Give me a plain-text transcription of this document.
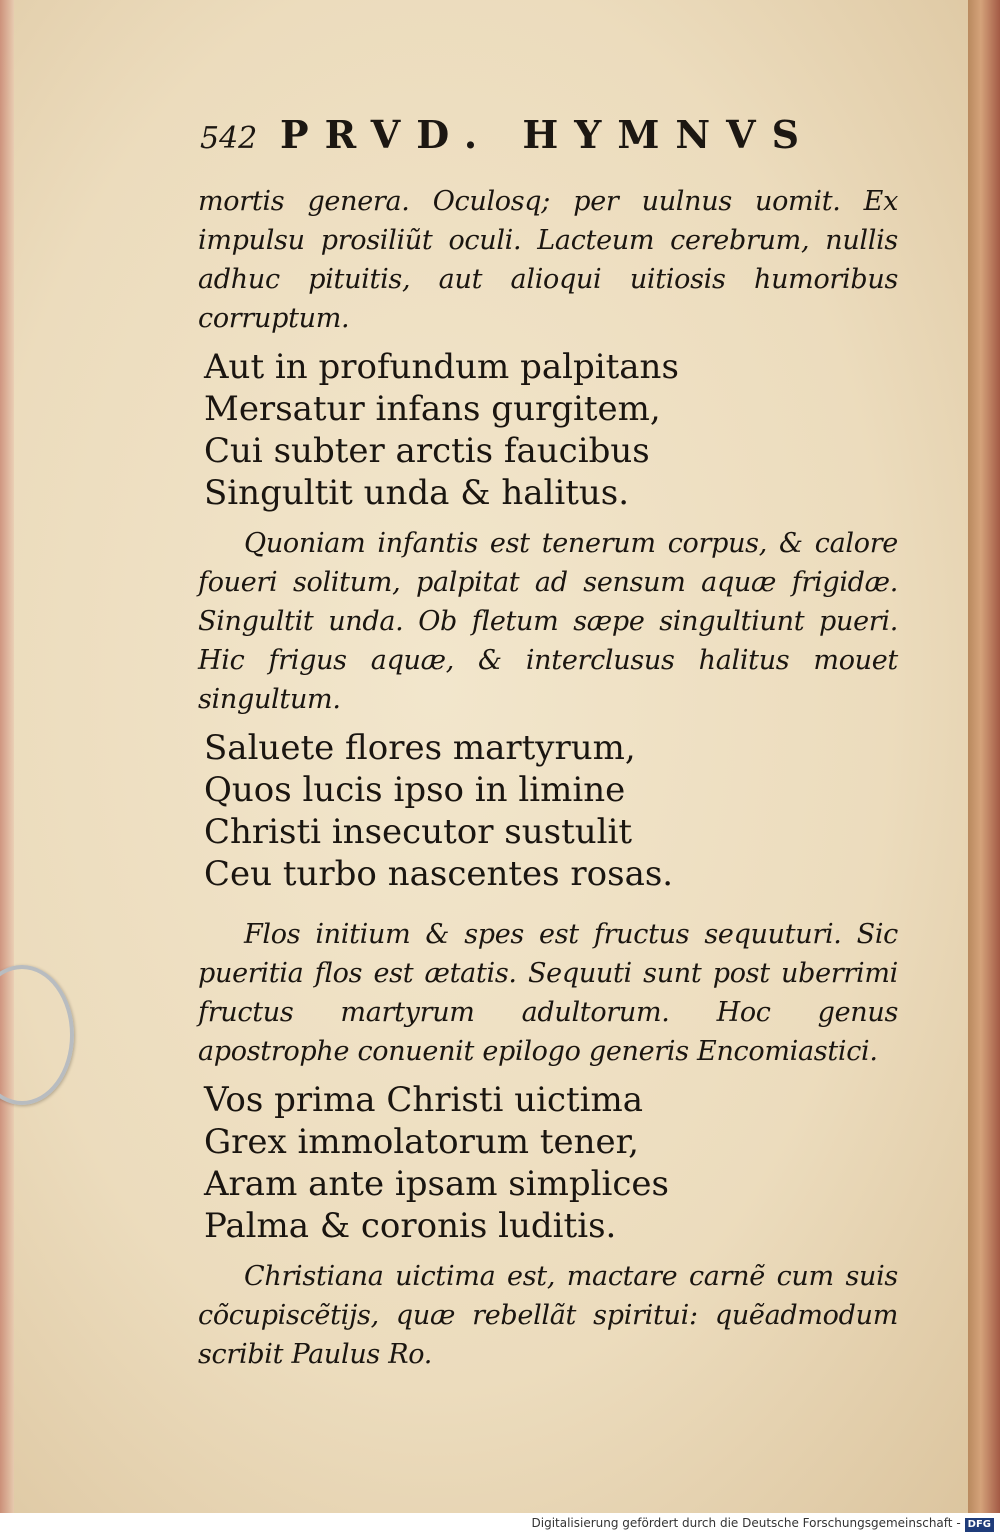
542 PRVD. HYMNVS

mortis genera. Oculosq; per uulnus uomit. Ex impulsu prosiliũt oculi. Lacteum cerebrum, nullis adhuc pituitis, aut alioqui uitiosis humoribus corruptum.

Aut in profundum palpitans
Mersatur infans gurgitem,
Cui subter arctis faucibus
Singultit unda & halitus.

Quoniam infantis est tenerum corpus, & calore foueri solitum, palpitat ad sensum aquæ frigidæ. Singultit unda. Ob fletum sæpe singultiunt pueri. Hic frigus aquæ, & interclusus halitus mouet singultum.

Saluete flores martyrum,
Quos lucis ipso in limine
Christi insecutor sustulit
Ceu turbo nascentes rosas.

Flos initium & spes est fructus sequuturi. Sic pueritia flos est ætatis. Sequuti sunt post uberrimi fructus martyrum adultorum. Hoc genus apostrophe conuenit epilogo generis Encomiastici.

Vos prima Christi uictima
Grex immolatorum tener,
Aram ante ipsam simplices
Palma & coronis luditis.

Christiana uictima est, mactare carnẽ cum suis cõcupiscẽtijs, quæ rebellãt spiritui: quẽadmodum scribit Paulus Ro.

Digitalisierung gefördert durch die Deutsche Forschungsgemeinschaft - DFG
